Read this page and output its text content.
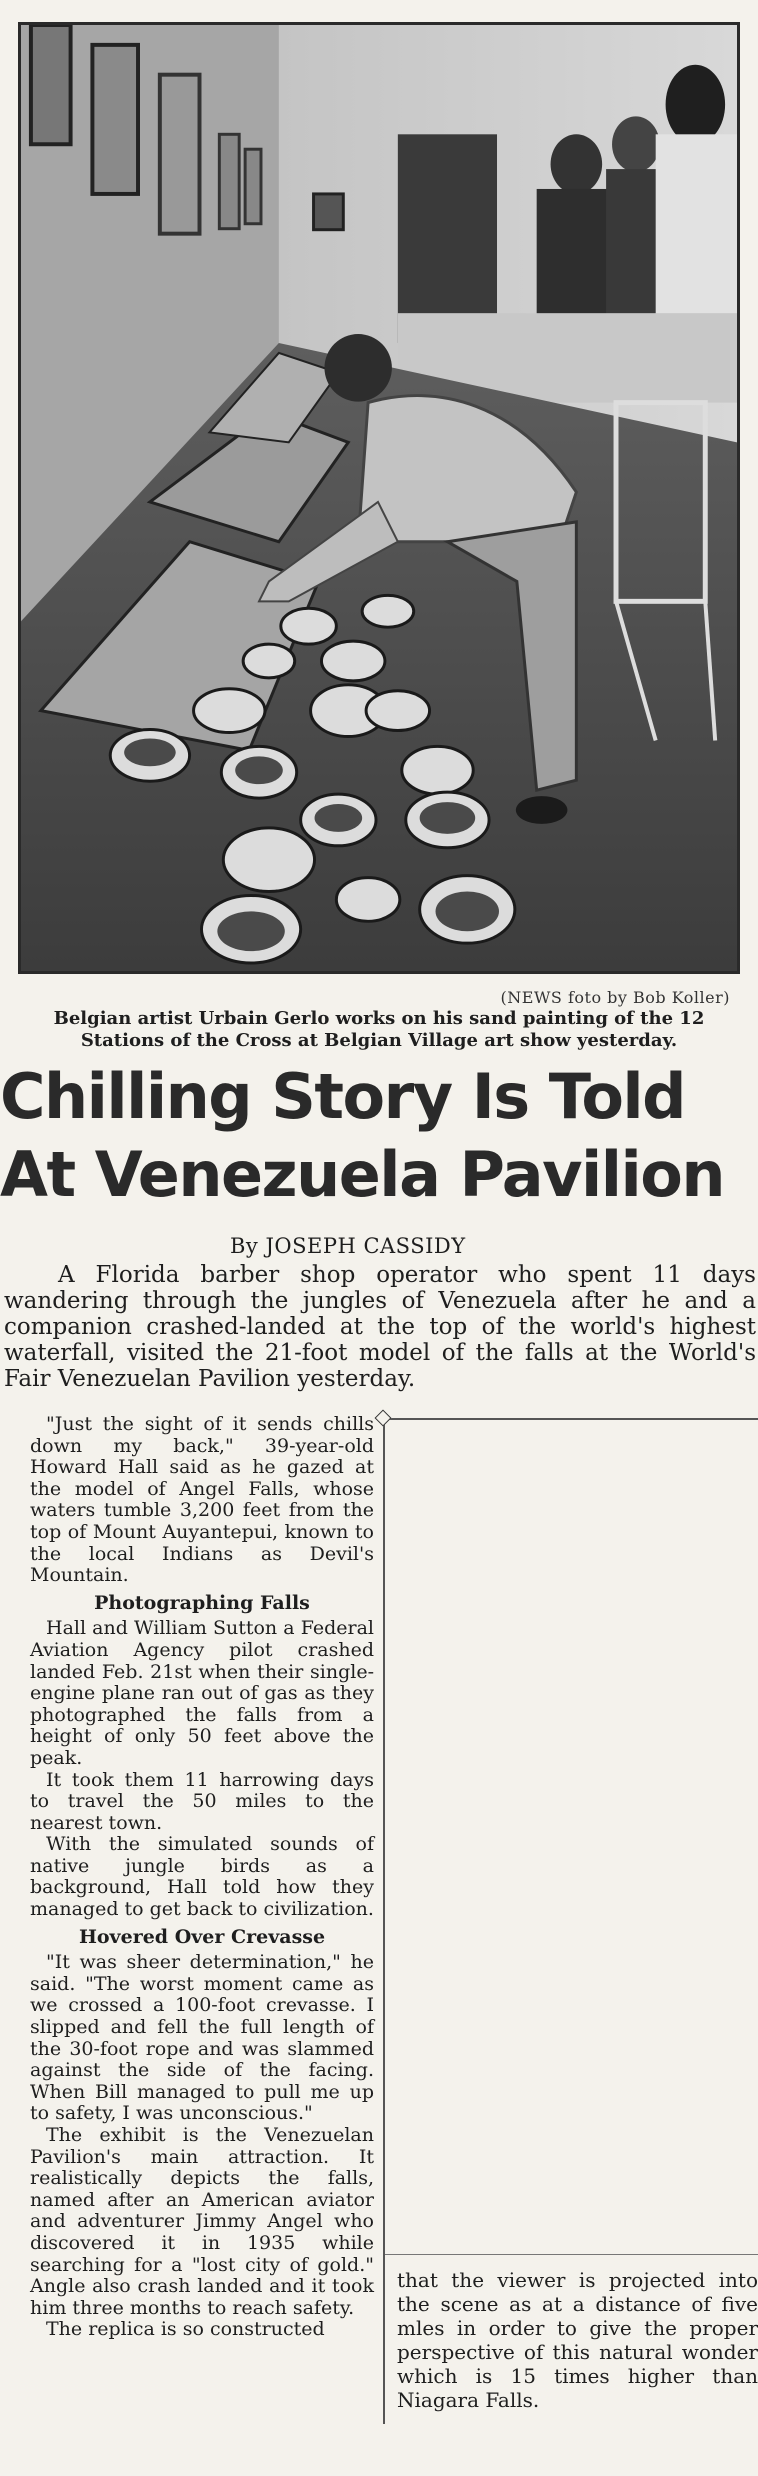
(NEWS foto by Bob Koller)
Belgian artist Urbain Gerlo works on his sand painting of the 12 Stations of the Cross at Belgian Village art show yesterday.
Chilling Story Is Told
At Venezuela Pavilion
By JOSEPH CASSIDY

A Florida barber shop operator who spent 11 days wandering through the jungles of Venezuela after he and a companion crashed-landed at the top of the world's highest waterfall, visited the 21-foot model of the falls at the World's Fair Venezuelan Pavilion yesterday.

"Just the sight of it sends chills down my back," 39-year-old Howard Hall said as he gazed at the model of Angel Falls, whose waters tumble 3,200 feet from the top of Mount Auyantepui, known to the local Indians as Devil's Mountain.

Photographing Falls

Hall and William Sutton a Federal Aviation Agency pilot crashed landed Feb. 21st when their single-engine plane ran out of gas as they photographed the falls from a height of only 50 feet above the peak.

It took them 11 harrowing days to travel the 50 miles to the nearest town.

With the simulated sounds of native jungle birds as a background, Hall told how they managed to get back to civilization.

Hovered Over Crevasse

"It was sheer determination," he said. "The worst moment came as we crossed a 100-foot crevasse. I slipped and fell the full length of the 30-foot rope and was slammed against the side of the facing. When Bill managed to pull me up to safety, I was unconscious."

The exhibit is the Venezuelan Pavilion's main attraction. It realistically depicts the falls, named after an American aviator and adventurer Jimmy Angel who discovered it in 1935 while searching for a "lost city of gold." Angle also crash landed and it took him three months to reach safety.

The replica is so constructed

that the viewer is projected into the scene as at a distance of five mles in order to give the proper perspective of this natural wonder which is 15 times higher than Niagara Falls.
